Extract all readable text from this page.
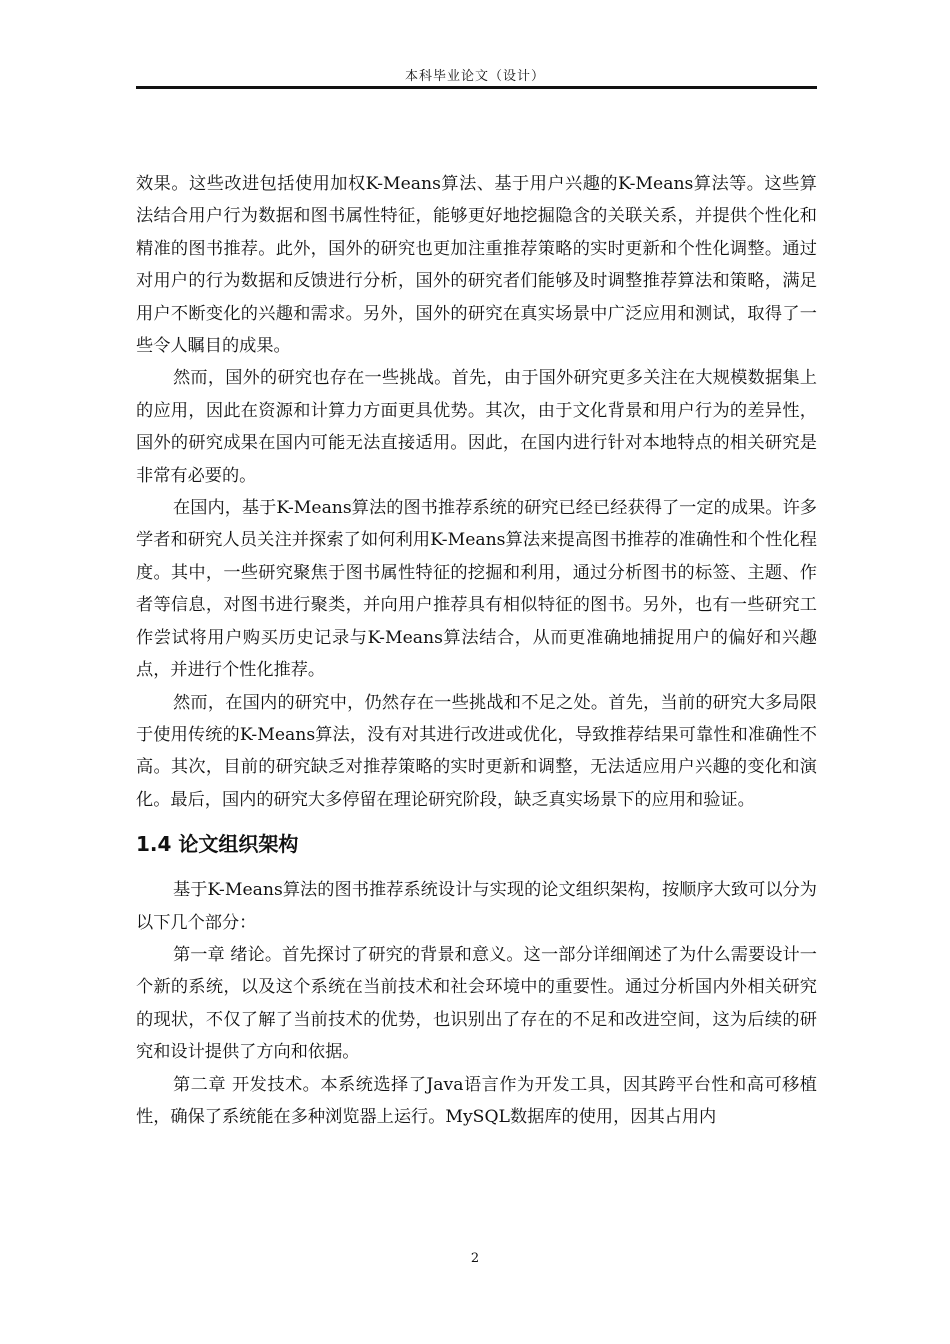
本科毕业论文（设计）

效果。这些改进包括使用加权K-Means算法、基于用户兴趣的K-Means算法等。这些算法结合用户行为数据和图书属性特征，能够更好地挖掘隐含的关联关系，并提供个性化和精准的图书推荐。此外，国外的研究也更加注重推荐策略的实时更新和个性化调整。通过对用户的行为数据和反馈进行分析，国外的研究者们能够及时调整推荐算法和策略，满足用户不断变化的兴趣和需求。另外，国外的研究在真实场景中广泛应用和测试，取得了一些令人瞩目的成果。

然而，国外的研究也存在一些挑战。首先，由于国外研究更多关注在大规模数据集上的应用，因此在资源和计算力方面更具优势。其次，由于文化背景和用户行为的差异性，国外的研究成果在国内可能无法直接适用。因此，在国内进行针对本地特点的相关研究是非常有必要的。

在国内，基于K-Means算法的图书推荐系统的研究已经已经获得了一定的成果。许多学者和研究人员关注并探索了如何利用K-Means算法来提高图书推荐的准确性和个性化程度。其中，一些研究聚焦于图书属性特征的挖掘和利用，通过分析图书的标签、主题、作者等信息，对图书进行聚类，并向用户推荐具有相似特征的图书。另外，也有一些研究工作尝试将用户购买历史记录与K-Means算法结合，从而更准确地捕捉用户的偏好和兴趣点，并进行个性化推荐。

然而，在国内的研究中，仍然存在一些挑战和不足之处。首先，当前的研究大多局限于使用传统的K-Means算法，没有对其进行改进或优化，导致推荐结果可靠性和准确性不高。其次，目前的研究缺乏对推荐策略的实时更新和调整，无法适应用户兴趣的变化和演化。最后，国内的研究大多停留在理论研究阶段，缺乏真实场景下的应用和验证。

1.4 论文组织架构

基于K-Means算法的图书推荐系统设计与实现的论文组织架构，按顺序大致可以分为以下几个部分：

第一章 绪论。首先探讨了研究的背景和意义。这一部分详细阐述了为什么需要设计一个新的系统，以及这个系统在当前技术和社会环境中的重要性。通过分析国内外相关研究的现状，不仅了解了当前技术的优势，也识别出了存在的不足和改进空间，这为后续的研究和设计提供了方向和依据。

第二章 开发技术。本系统选择了Java语言作为开发工具，因其跨平台性和高可移植性，确保了系统能在多种浏览器上运行。MySQL数据库的使用，因其占用内

2
